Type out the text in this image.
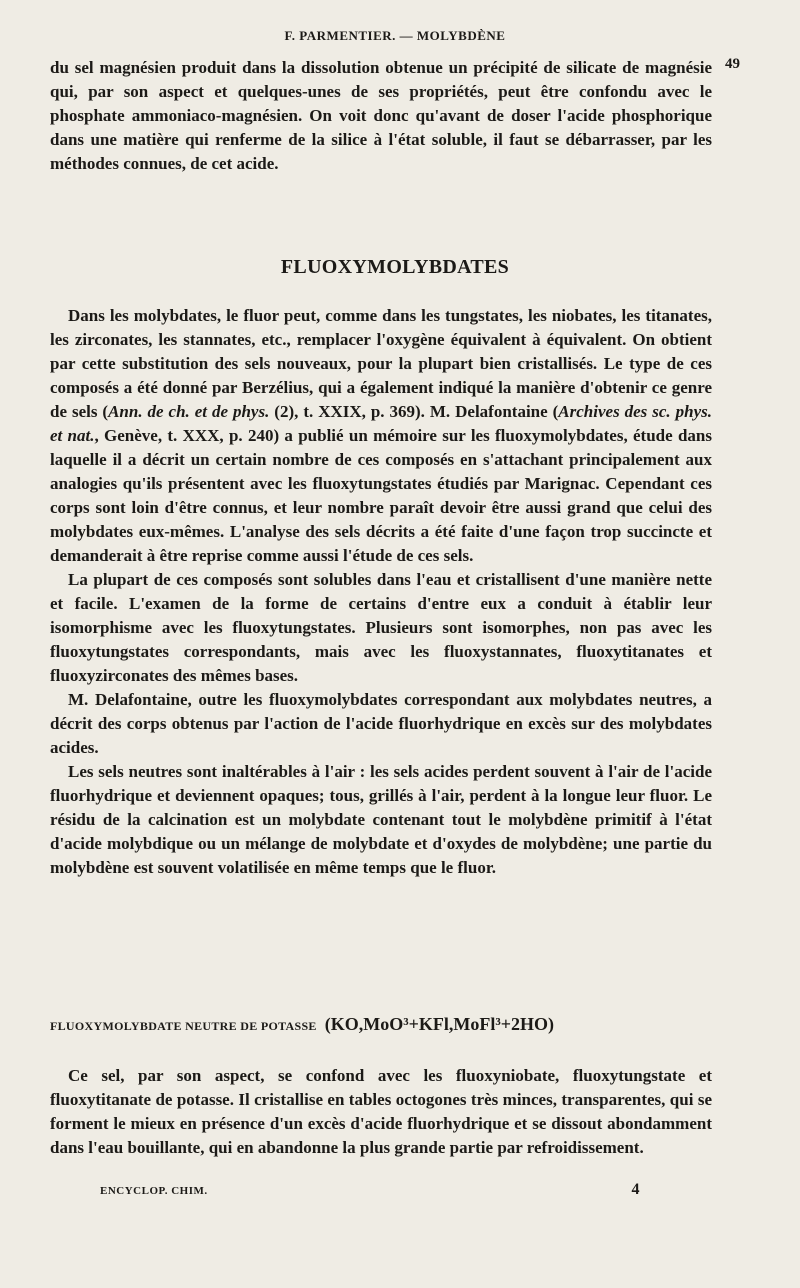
F. PARMENTIER. — MOLYBDÈNE
49

du sel magnésien produit dans la dissolution obtenue un précipité de silicate de magnésie qui, par son aspect et quelques-unes de ses propriétés, peut être confondu avec le phosphate ammoniaco-magnésien. On voit donc qu'avant de doser l'acide phosphorique dans une matière qui renferme de la silice à l'état soluble, il faut se débarrasser, par les méthodes connues, de cet acide.

FLUOXYMOLYBDATES

Dans les molybdates, le fluor peut, comme dans les tungstates, les niobates, les titanates, les zirconates, les stannates, etc., remplacer l'oxygène équivalent à équivalent. On obtient par cette substitution des sels nouveaux, pour la plupart bien cristallisés. Le type de ces composés a été donné par Berzélius, qui a également indiqué la manière d'obtenir ce genre de sels (Ann. de ch. et de phys. (2), t. XXIX, p. 369). M. Delafontaine (Archives des sc. phys. et nat., Genève, t. XXX, p. 240) a publié un mémoire sur les fluoxymolybdates, étude dans laquelle il a décrit un certain nombre de ces composés en s'attachant principalement aux analogies qu'ils présentent avec les fluoxytungstates étudiés par Marignac. Cependant ces corps sont loin d'être connus, et leur nombre paraît devoir être aussi grand que celui des molybdates eux-mêmes. L'analyse des sels décrits a été faite d'une façon trop succincte et demanderait à être reprise comme aussi l'étude de ces sels.

La plupart de ces composés sont solubles dans l'eau et cristallisent d'une manière nette et facile. L'examen de la forme de certains d'entre eux a conduit à établir leur isomorphisme avec les fluoxytungstates. Plusieurs sont isomorphes, non pas avec les fluoxytungstates correspondants, mais avec les fluoxystannates, fluoxytitanates et fluoxyzirconates des mêmes bases.

M. Delafontaine, outre les fluoxymolybdates correspondant aux molybdates neutres, a décrit des corps obtenus par l'action de l'acide fluorhydrique en excès sur des molybdates acides.

Les sels neutres sont inaltérables à l'air : les sels acides perdent souvent à l'air de l'acide fluorhydrique et deviennent opaques; tous, grillés à l'air, perdent à la longue leur fluor. Le résidu de la calcination est un molybdate contenant tout le molybdène primitif à l'état d'acide molybdique ou un mélange de molybdate et d'oxydes de molybdène; une partie du molybdène est souvent volatilisée en même temps que le fluor.

FLUOXYMOLYBDATE NEUTRE DE POTASSE (KO,MoO³+KFl,MoFl³+2HO)

Ce sel, par son aspect, se confond avec les fluoxyniobate, fluoxytungstate et fluoxytitanate de potasse. Il cristallise en tables octogones très minces, transparentes, qui se forment le mieux en présence d'un excès d'acide fluorhydrique et se dissout abondamment dans l'eau bouillante, qui en abandonne la plus grande partie par refroidissement.

ENCYCLOP. CHIM.	4
